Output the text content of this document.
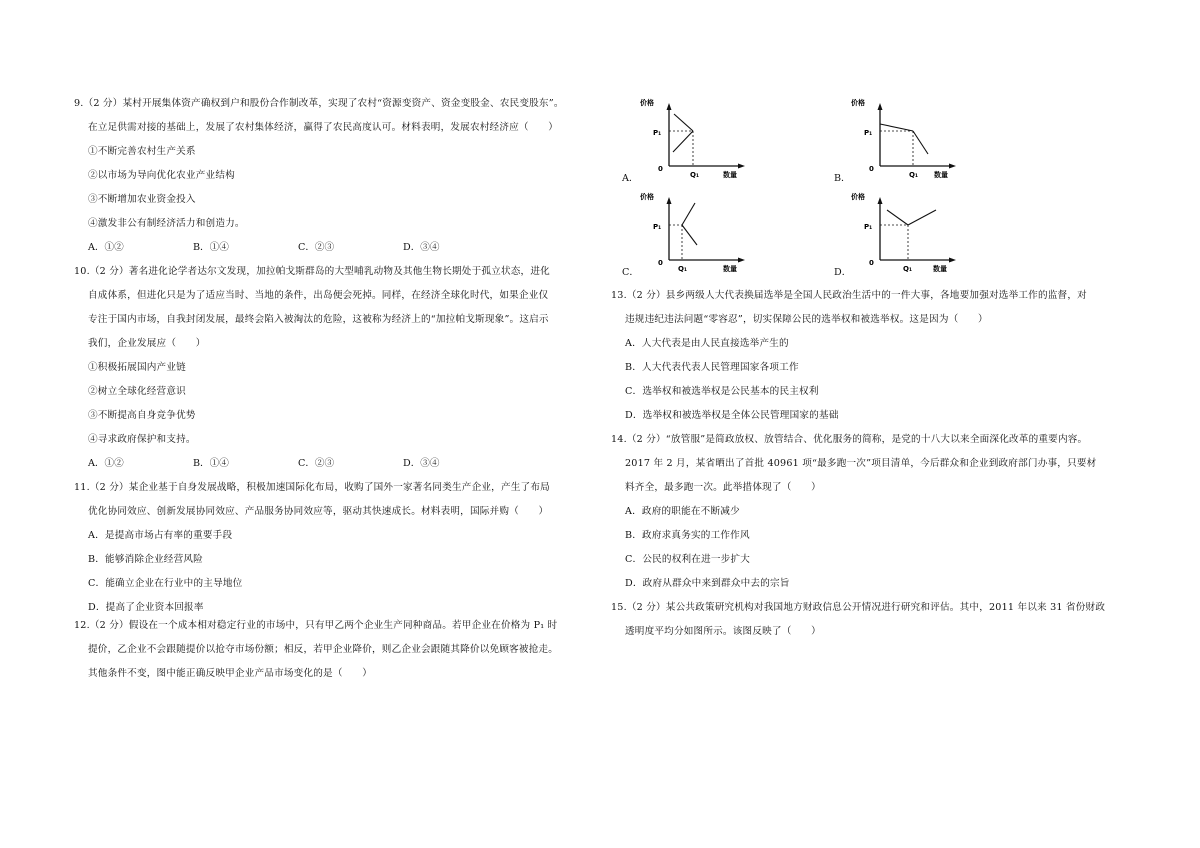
9.（2 分）某村开展集体资产确权到户和股份合作制改革，实现了农村“资源变资产、资金变股金、农民变股东”。
在立足供需对接的基础上，发展了农村集体经济，赢得了农民高度认可。材料表明，发展农村经济应（　　）
①不断完善农村生产关系
②以市场为导向优化农业产业结构
③不断增加农业资金投入
④激发非公有制经济活力和创造力。
A．①②	B．①④	C．②③	D．③④
10.（2 分）著名进化论学者达尔文发现，加拉帕戈斯群岛的大型哺乳动物及其他生物长期处于孤立状态，进化
自成体系，但进化只是为了适应当时、当地的条件，出岛便会死掉。同样，在经济全球化时代，如果企业仅
专注于国内市场，自我封闭发展，最终会陷入被淘汰的危险，这被称为经济上的“加拉帕戈斯现象”。这启示
我们，企业发展应（　　）
①积极拓展国内产业链
②树立全球化经营意识
③不断提高自身竞争优势
④寻求政府保护和支持。
A．①②	B．①④	C．②③	D．③④
11.（2 分）某企业基于自身发展战略，积极加速国际化布局，收购了国外一家著名同类生产企业，产生了布局
优化协同效应、创新发展协同效应、产品服务协同效应等，驱动其快速成长。材料表明，国际并购（　　）
A．是提高市场占有率的重要手段
B．能够消除企业经营风险
C．能确立企业在行业中的主导地位
D．提高了企业资本回报率
12.（2 分）假设在一个成本相对稳定行业的市场中，只有甲乙两个企业生产同种商品。若甲企业在价格为 P₁ 时
提价，乙企业不会跟随提价以抢夺市场份额；相反，若甲企业降价，则乙企业会跟随其降价以免顾客被抢走。
其他条件不变，图中能正确反映甲企业产品市场变化的是（　　）
A．
价格
0
P₁
Q₁	数量	B．
价格
0
P₁
Q₁ 数量
C．
价格
0
P₁
Q₁	数量	D．
价格
0
P₁
Q₁	数量
13.（2 分）县乡两级人大代表换届选举是全国人民政治生活中的一件大事，各地要加强对选举工作的监督，对
违规违纪违法问题“零容忍”，切实保障公民的选举权和被选举权。这是因为（　　）
A．人大代表是由人民直接选举产生的
B．人大代表代表人民管理国家各项工作
C．选举权和被选举权是公民基本的民主权利
D．选举权和被选举权是全体公民管理国家的基础
14.（2 分）“放管服”是简政放权、放管结合、优化服务的简称，是党的十八大以来全面深化改革的重要内容。
2017 年 2 月，某省晒出了首批 40961 项“最多跑一次”项目清单，今后群众和企业到政府部门办事，只要材
料齐全，最多跑一次。此举措体现了（　　）
A．政府的职能在不断减少
B．政府求真务实的工作作风
C．公民的权利在进一步扩大
D．政府从群众中来到群众中去的宗旨
15.（2 分）某公共政策研究机构对我国地方财政信息公开情况进行研究和评估。其中，2011 年以来 31 省份财政
透明度平均分如图所示。该图反映了（　　）
